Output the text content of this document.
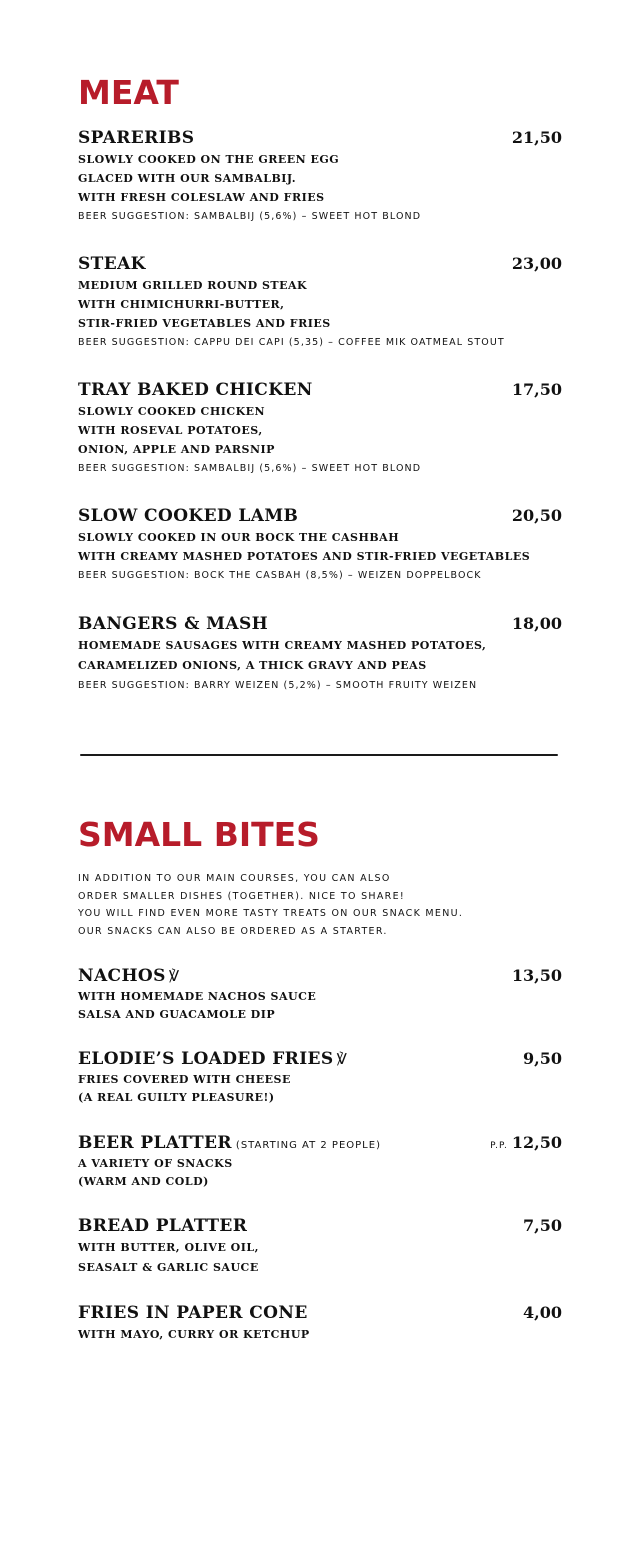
MEAT
SPARERIBS	21,50
SLOWLY COOKED ON THE GREEN EGG
GLACED WITH OUR SAMBALBIJ.
WITH FRESH COLESLAW AND FRIES
BEER SUGGESTION: SAMBALBIJ (5,6%) – SWEET HOT BLOND
STEAK	23,00
MEDIUM GRILLED ROUND STEAK
WITH CHIMICHURRI-BUTTER,
STIR-FRIED VEGETABLES AND FRIES
BEER SUGGESTION: CAPPU DEI CAPI (5,35) – COFFEE MIK OATMEAL STOUT
TRAY BAKED CHICKEN	17,50
SLOWLY COOKED CHICKEN
WITH ROSEVAL POTATOES,
ONION, APPLE AND PARSNIP
BEER SUGGESTION: SAMBALBIJ (5,6%) – SWEET HOT BLOND
SLOW COOKED LAMB	20,50
SLOWLY COOKED IN OUR BOCK THE CASHBAH
WITH CREAMY MASHED POTATOES AND STIR-FRIED VEGETABLES
BEER SUGGESTION: BOCK THE CASBAH (8,5%) – WEIZEN DOPPELBOCK
BANGERS & MASH	18,00
HOMEMADE SAUSAGES WITH CREAMY MASHED POTATOES,
CARAMELIZED ONIONS, A THICK GRAVY AND PEAS
BEER SUGGESTION: BARRY WEIZEN (5,2%) – SMOOTH FRUITY WEIZEN
SMALL BITES
IN ADDITION TO OUR MAIN COURSES, YOU CAN ALSO
ORDER SMALLER DISHES (TOGETHER). NICE TO SHARE!
YOU WILL FIND EVEN MORE TASTY TREATS ON OUR SNACK MENU.
OUR SNACKS CAN ALSO BE ORDERED AS A STARTER.
NACHOS ℣	13,50
WITH HOMEMADE NACHOS SAUCE
SALSA AND GUACAMOLE DIP
ELODIE’S LOADED FRIES ℣	9,50
FRIES COVERED WITH CHEESE
(A REAL GUILTY PLEASURE!)
BEER PLATTER (STARTING AT 2 PEOPLE)	P.P. 12,50
A VARIETY OF SNACKS
(WARM AND COLD)
BREAD PLATTER	7,50
WITH BUTTER, OLIVE OIL,
SEASALT & GARLIC SAUCE
FRIES IN PAPER CONE	4,00
WITH MAYO, CURRY OR KETCHUP
